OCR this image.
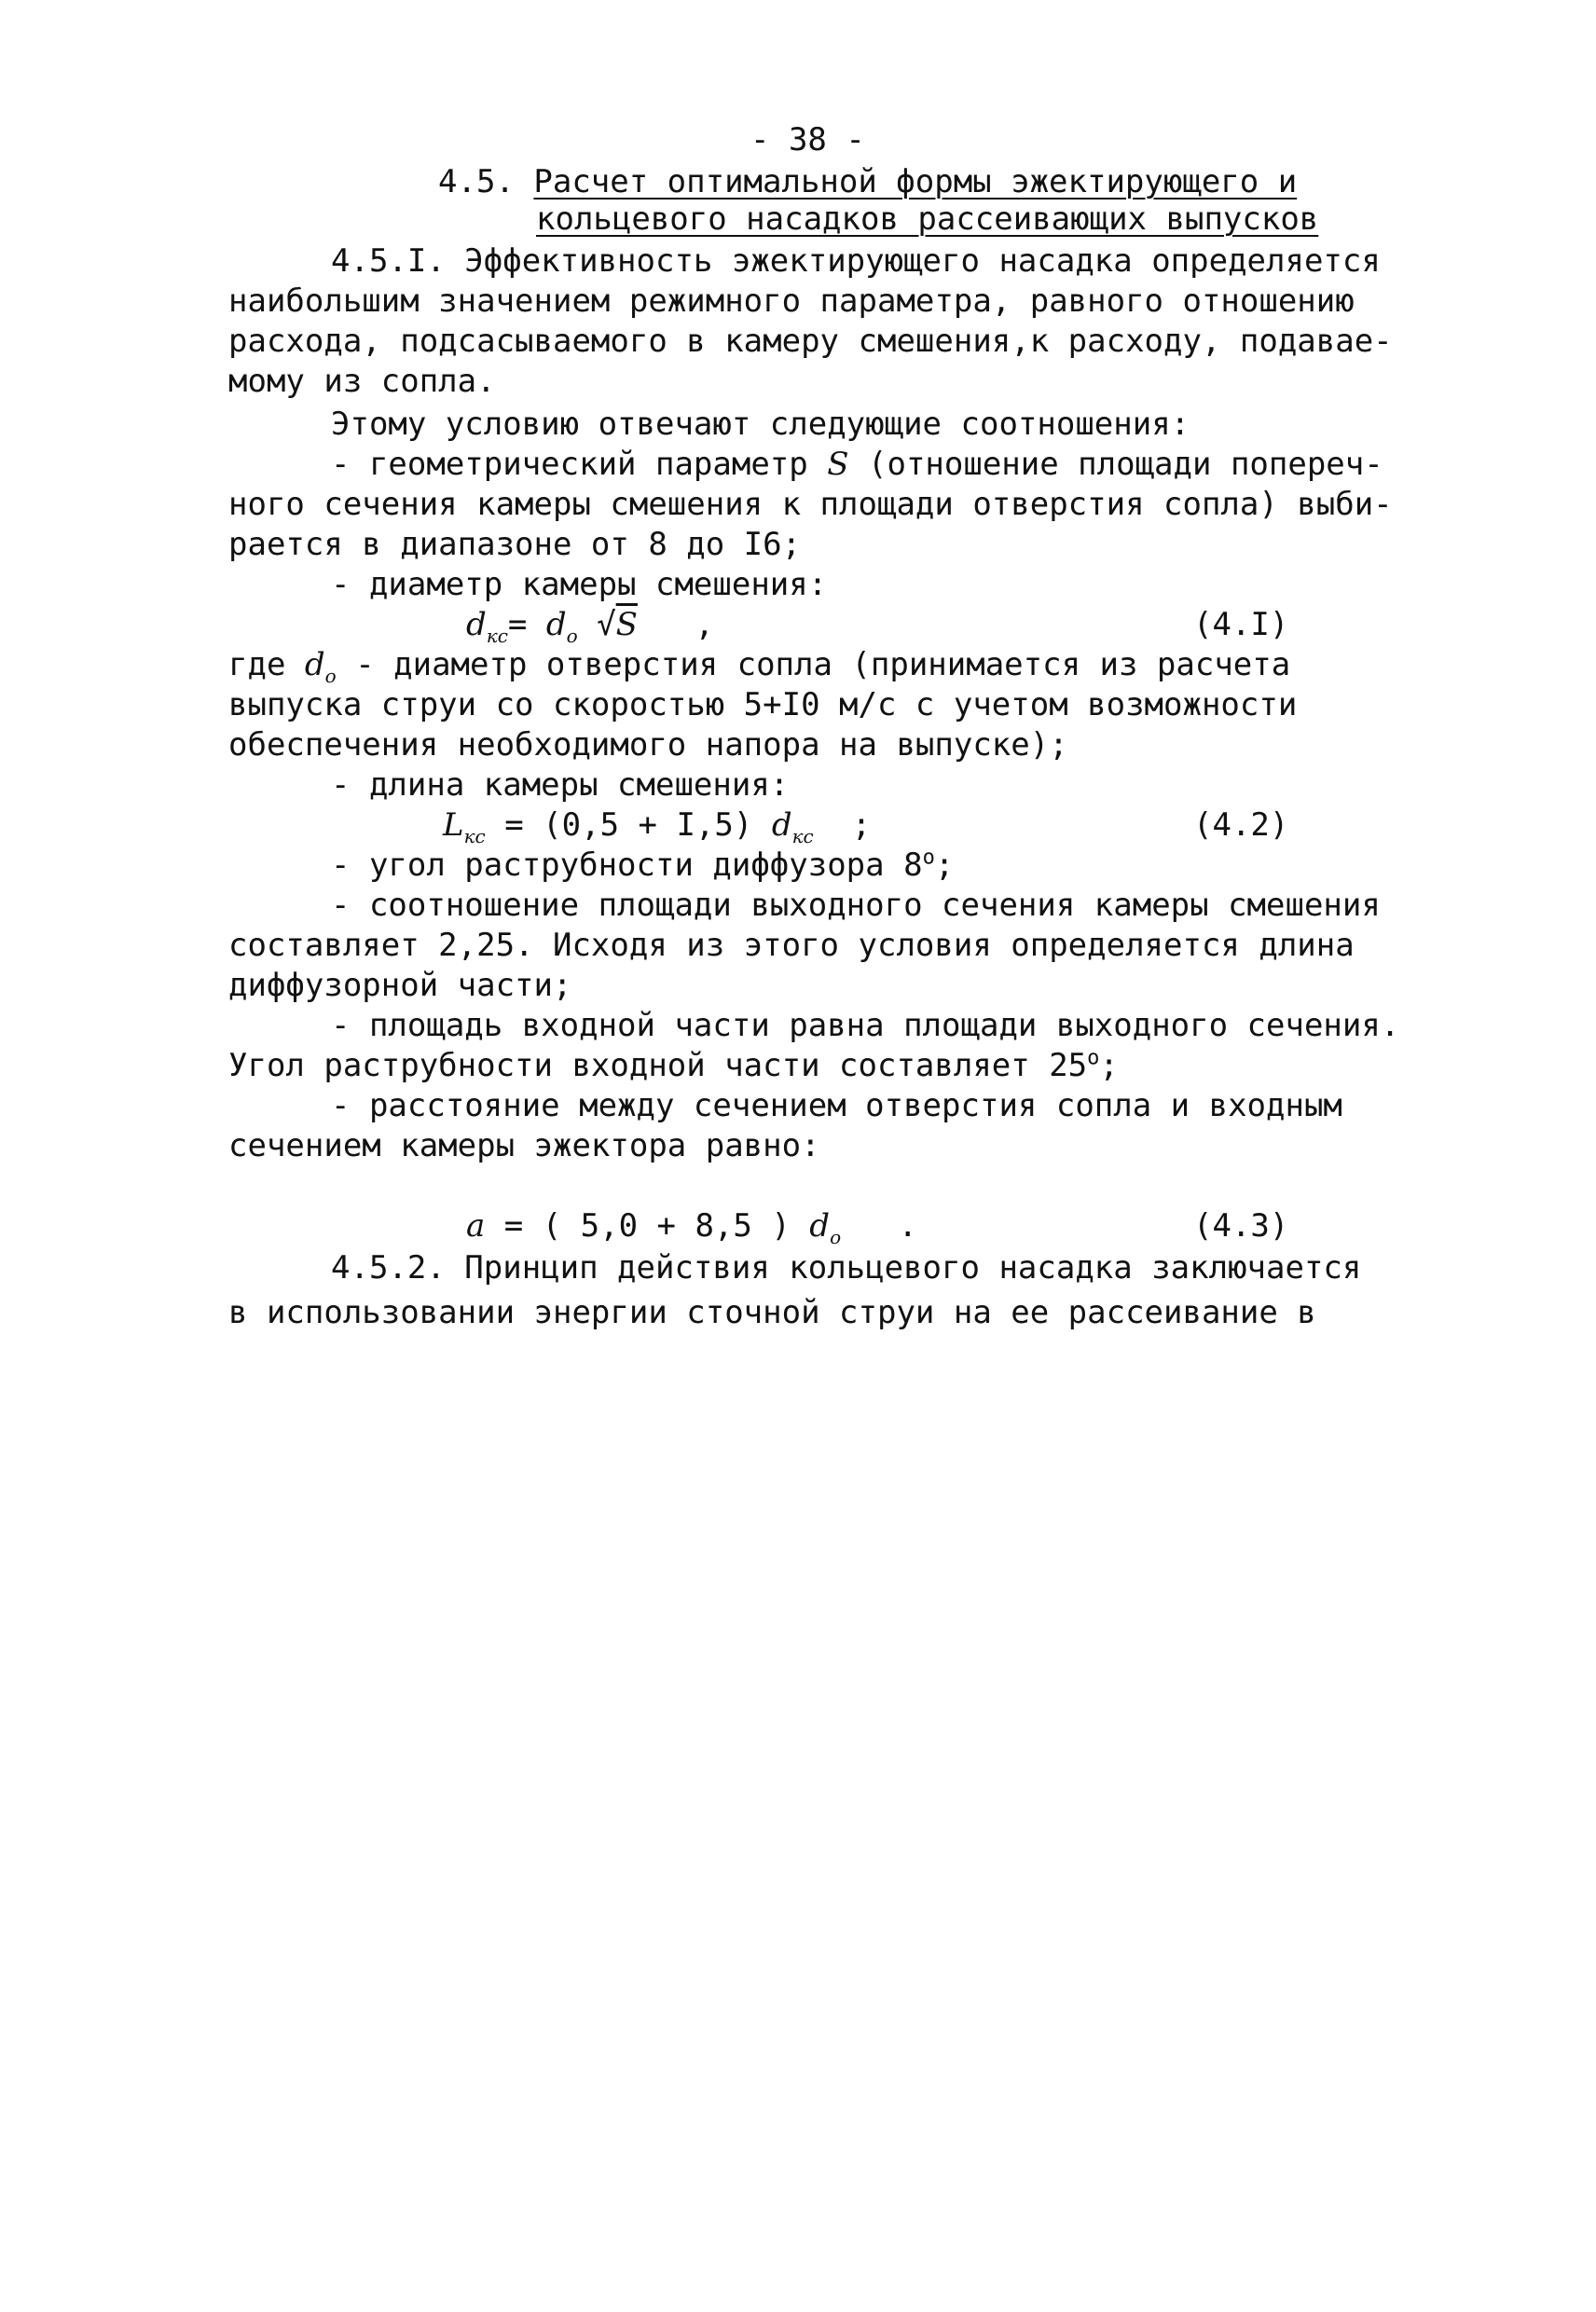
- 38 -
4.5. Расчет оптимальной формы эжектирующего и
кольцевого насадков рассеивающих выпусков
4.5.I. Эффективность эжектирующего насадка определяется
наибольшим значением режимного параметра, равного отношению
расхода, подсасываемого в камеру смешения,к расходу, подавае-
мому из сопла.
Этому условию отвечают следующие соотношения:
- геометрический параметр S (отношение площади попереч-
ного сечения камеры смешения к площади отверстия сопла) выби-
рается в диапазоне от 8 до I6;
- диаметр камеры смешения:
$d_{кс}= d_о$ √S ,	(4.I)
где $d_о$ - диаметр отверстия сопла (принимается из расчета
выпуска струи со скоростью 5+I0 м/с с учетом возможности
обеспечения необходимого напора на выпуске);
- длина камеры смешения:
$L_{кс} = (0,5 + I,5)$ $d_{кс}$ ;	(4.2)
- угол раструбности диффузора $8^о$;
- соотношение площади выходного сечения камеры смешения
составляет 2,25. Исходя из этого условия определяется длина
диффузорной части;
- площадь входной части равна площади выходного сечения.
Угол раструбности входной части составляет $25^о$;
- расстояние между сечением отверстия сопла и входным
сечением камеры эжектора равно:
a = ( 5,0 + 8,5 ) $d_о$ .	(4.3)
4.5.2. Принцип действия кольцевого насадка заключается
в использовании энергии сточной струи на ее рассеивание в
